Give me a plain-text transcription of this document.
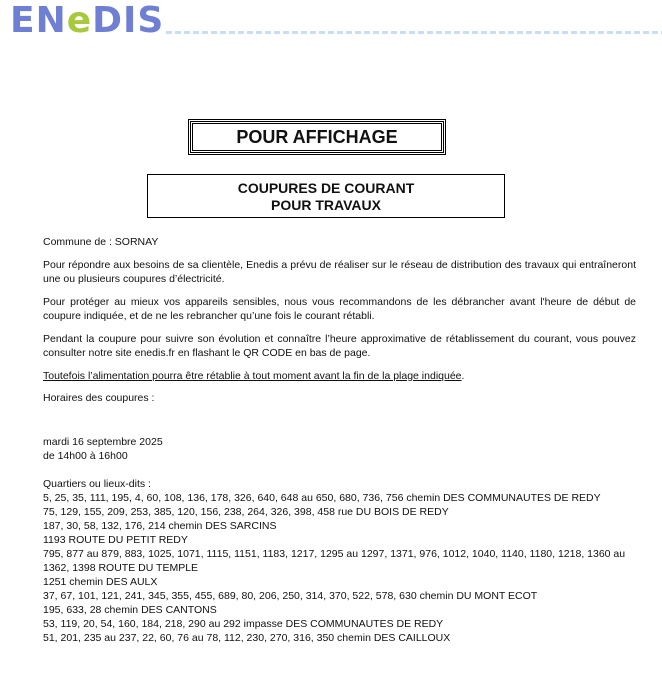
ENeDIS
POUR AFFICHAGE
COUPURES DE COURANT
POUR TRAVAUX

Commune de : SORNAY

Pour répondre aux besoins de sa clientèle, Enedis a prévu de réaliser sur le réseau de distribution des travaux qui entraîneront une ou plusieurs coupures d’électricité.

Pour protéger au mieux vos appareils sensibles, nous vous recommandons de les débrancher avant l'heure de début de coupure indiquée, et de ne les rebrancher qu’une fois le courant rétabli.

Pendant la coupure pour suivre son évolution et connaître l’heure approximative de rétablissement du courant, vous pouvez consulter notre site enedis.fr en flashant le QR CODE en bas de page.

Toutefois l’alimentation pourra être rétablie à tout moment avant la fin de la plage indiquée.

Horaires des coupures :

mardi 16 septembre 2025

de 14h00 à 16h00

Quartiers ou lieux-dits :

5, 25, 35, 111, 195, 4, 60, 108, 136, 178, 326, 640, 648 au 650, 680, 736, 756 chemin DES COMMUNAUTES DE REDY
75, 129, 155, 209, 253, 385, 120, 156, 238, 264, 326, 398, 458 rue DU BOIS DE REDY
187, 30, 58, 132, 176, 214 chemin DES SARCINS
1193 ROUTE DU PETIT REDY
795, 877 au 879, 883, 1025, 1071, 1115, 1151, 1183, 1217, 1295 au 1297, 1371, 976, 1012, 1040, 1140, 1180, 1218, 1360 au 1362, 1398 ROUTE DU TEMPLE
1251 chemin DES AULX
37, 67, 101, 121, 241, 345, 355, 455, 689, 80, 206, 250, 314, 370, 522, 578, 630 chemin DU MONT ECOT
195, 633, 28 chemin DES CANTONS
53, 119, 20, 54, 160, 184, 218, 290 au 292 impasse DES COMMUNAUTES DE REDY
51, 201, 235 au 237, 22, 60, 76 au 78, 112, 230, 270, 316, 350 chemin DES CAILLOUX
